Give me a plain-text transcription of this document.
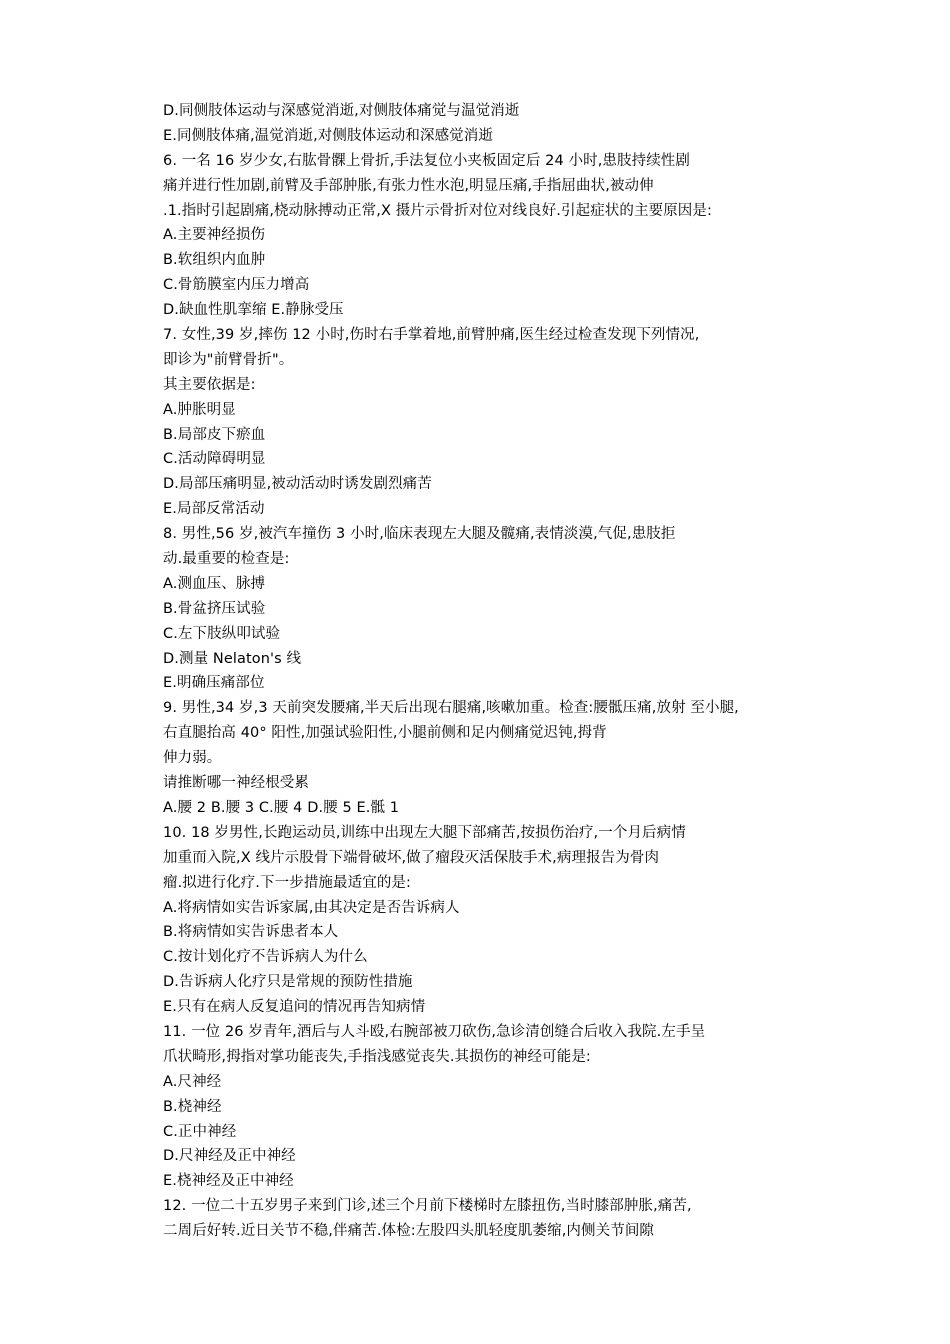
D.同侧肢体运动与深感觉消逝,对侧肢体痛觉与温觉消逝
E.同侧肢体痛,温觉消逝,对侧肢体运动和深感觉消逝
6. 一名 16 岁少女,右肱骨髁上骨折,手法复位小夹板固定后 24 小时,患肢持续性剧
痛并进行性加剧,前臂及手部肿胀,有张力性水泡,明显压痛,手指屈曲状,被动伸
.1.指时引起剧痛,桡动脉搏动正常,X 摄片示骨折对位对线良好.引起症状的主要原因是:
A.主要神经损伤
B.软组织内血肿
C.骨筋膜室内压力增高
D.缺血性肌挛缩 E.静脉受压
7. 女性,39 岁,摔伤 12 小时,伤时右手掌着地,前臂肿痛,医生经过检查发现下列情况,
即诊为"前臂骨折"。
其主要依据是:
A.肿胀明显
B.局部皮下瘀血
C.活动障碍明显
D.局部压痛明显,被动活动时诱发剧烈痛苦
E.局部反常活动
8. 男性,56 岁,被汽车撞伤 3 小时,临床表现左大腿及髋痛,表情淡漠,气促,患肢拒
动.最重要的检查是:
A.测血压、脉搏
B.骨盆挤压试验
C.左下肢纵叩试验
D.测量 Nelaton's 线
E.明确压痛部位
9. 男性,34 岁,3 天前突发腰痛,半天后出现右腿痛,咳嗽加重。检查:腰骶压痛,放射 至小腿,
右直腿抬高 40° 阳性,加强试验阳性,小腿前侧和足内侧痛觉迟钝,拇背
伸力弱。
请推断哪一神经根受累
A.腰 2 B.腰 3 C.腰 4 D.腰 5 E.骶 1
10. 18 岁男性,长跑运动员,训练中出现左大腿下部痛苦,按损伤治疗,一个月后病情
加重而入院,X 线片示股骨下端骨破坏,做了瘤段灭活保肢手术,病理报告为骨肉
瘤.拟进行化疗.下一步措施最适宜的是:
A.将病情如实告诉家属,由其决定是否告诉病人
B.将病情如实告诉患者本人
C.按计划化疗不告诉病人为什么
D.告诉病人化疗只是常规的预防性措施
E.只有在病人反复追问的情况再告知病情
11. 一位 26 岁青年,酒后与人斗殴,右腕部被刀砍伤,急诊清创缝合后收入我院.左手呈
爪状畸形,拇指对掌功能丧失,手指浅感觉丧失.其损伤的神经可能是:
A.尺神经
B.桡神经
C.正中神经
D.尺神经及正中神经
E.桡神经及正中神经
12. 一位二十五岁男子来到门诊,述三个月前下楼梯时左膝扭伤,当时膝部肿胀,痛苦,
二周后好转.近日关节不稳,伴痛苦.体检:左股四头肌轻度肌萎缩,内侧关节间隙
